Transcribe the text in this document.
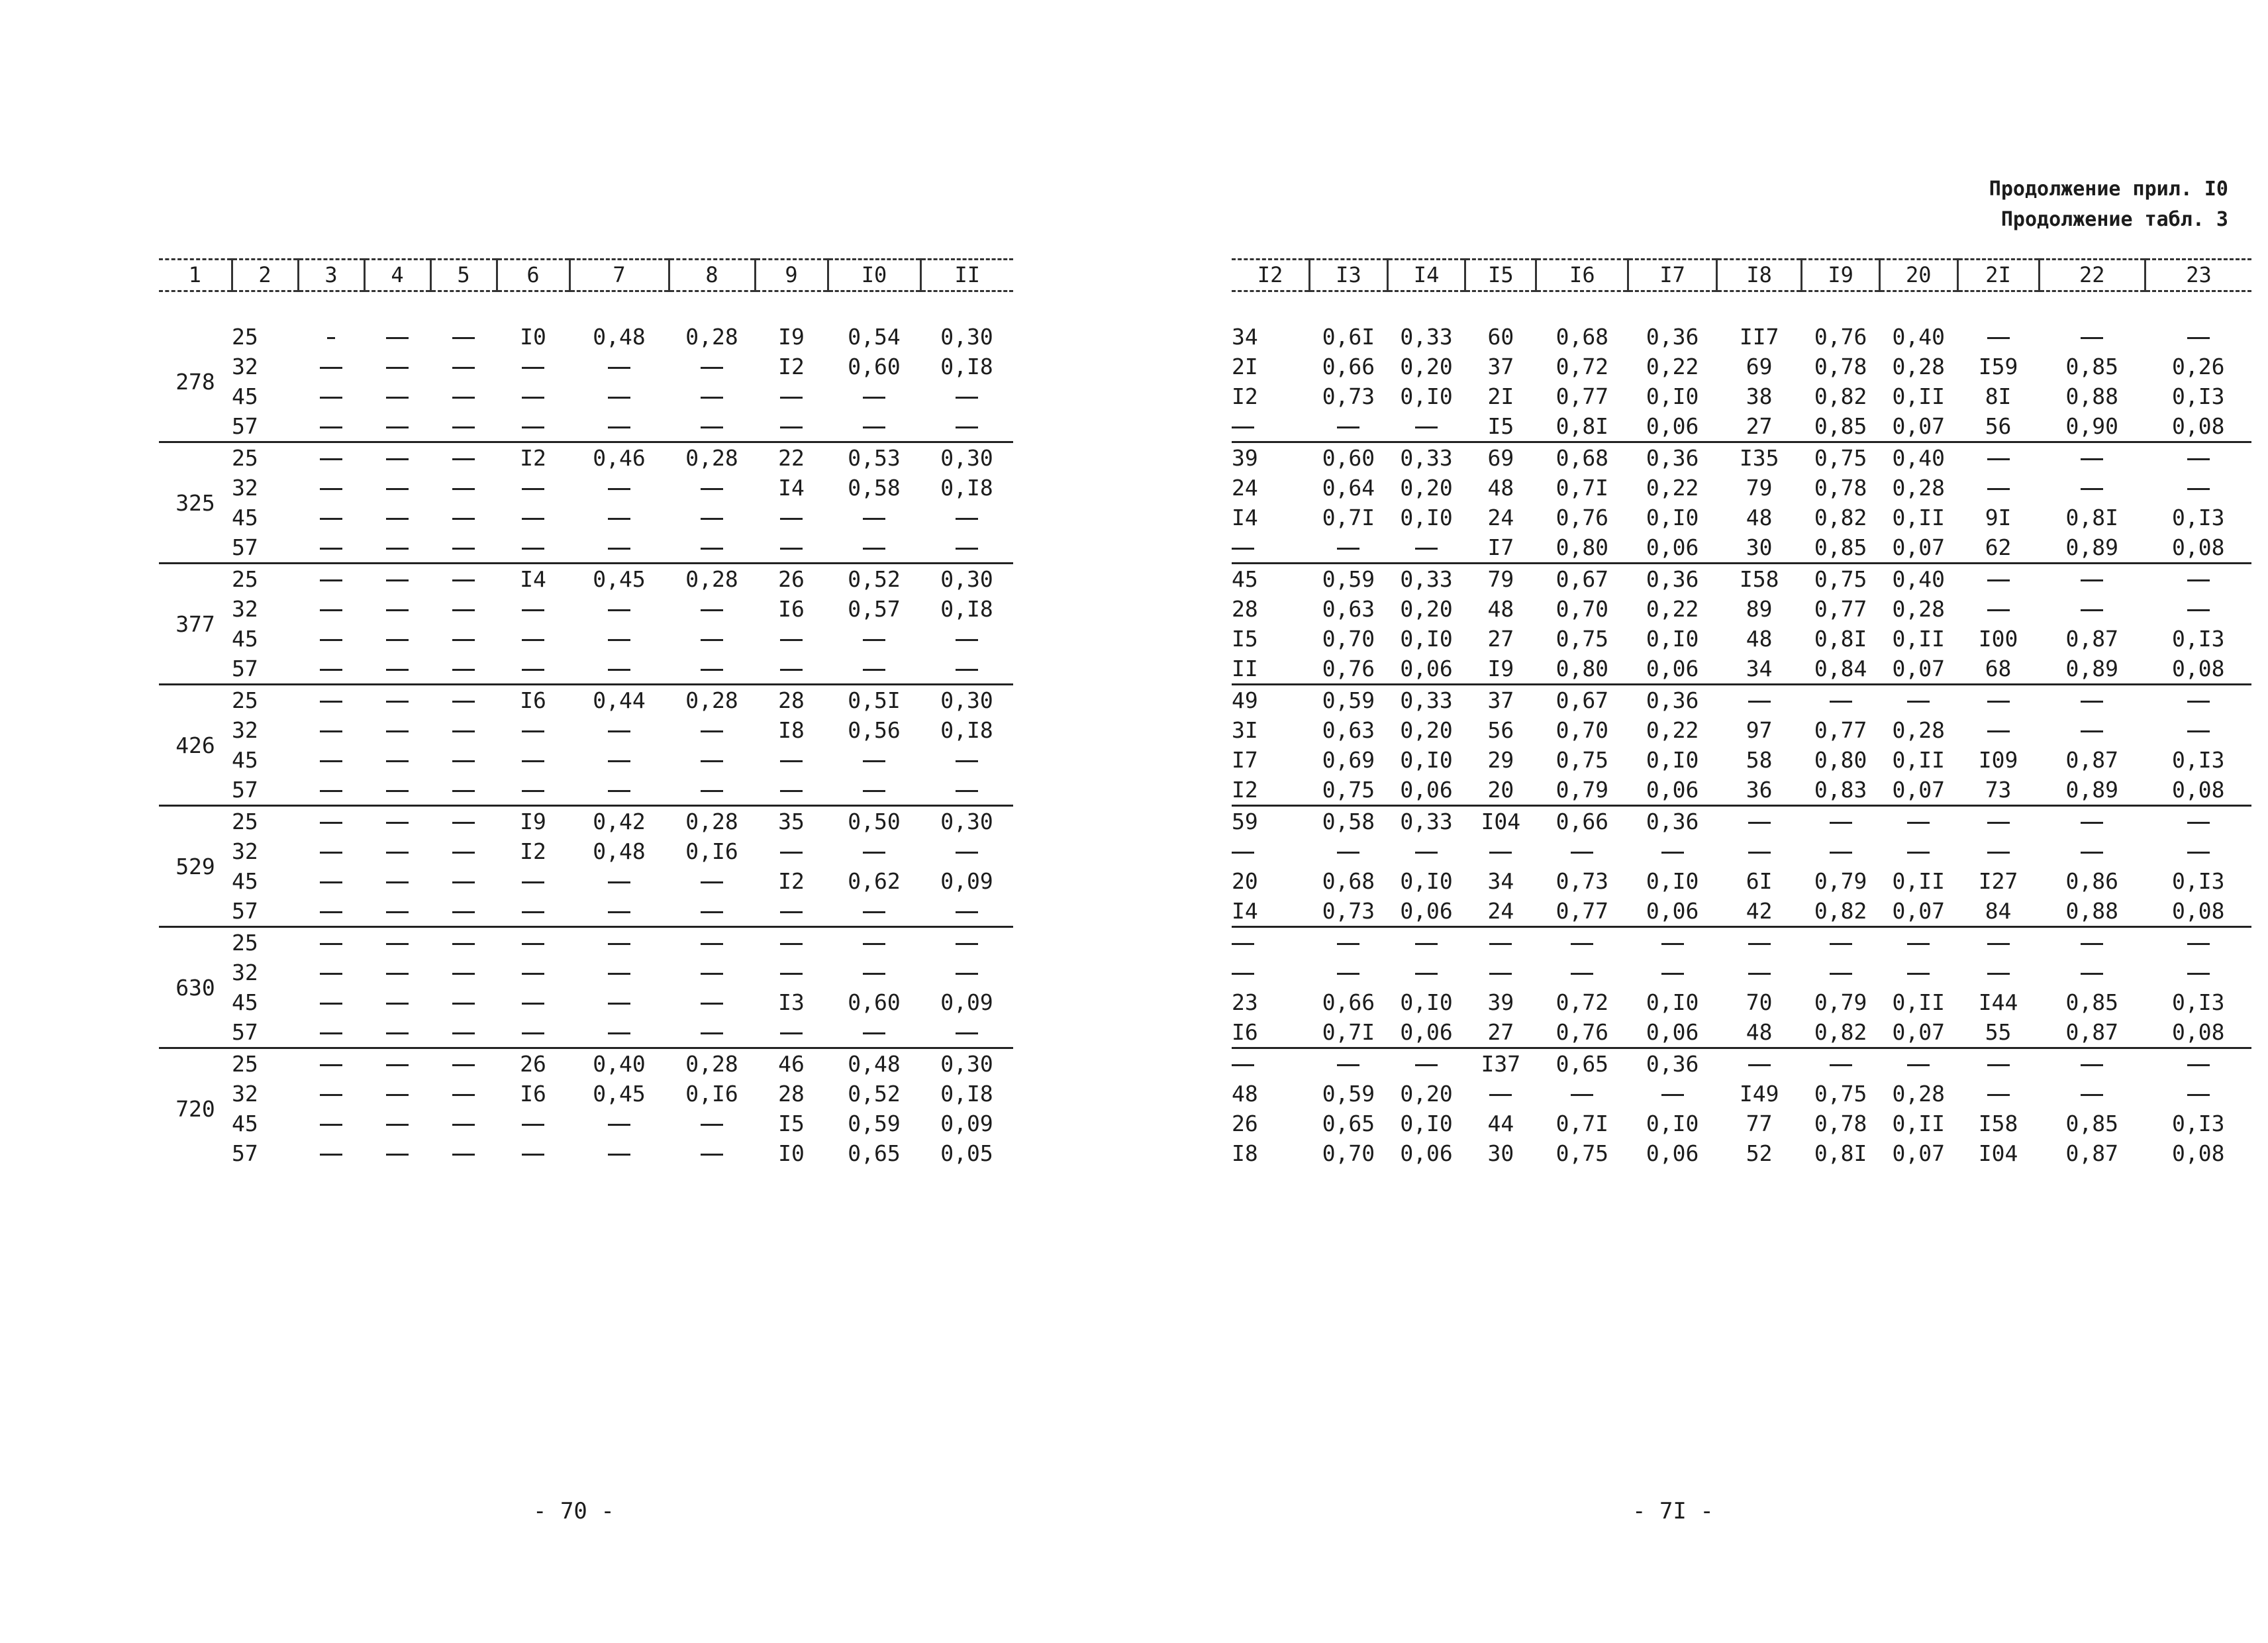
1	2	3	4	5	6	7	8	9	I0	II

278	25				I0	0,48	0,28	I9	0,54	0,30
	32							I2	0,60	0,I8
	45									
	57									
325	25				I2	0,46	0,28	22	0,53	0,30
	32							I4	0,58	0,I8
	45									
	57									
377	25				I4	0,45	0,28	26	0,52	0,30
	32							I6	0,57	0,I8
	45									
	57									
426	25				I6	0,44	0,28	28	0,5I	0,30
	32							I8	0,56	0,I8
	45									
	57									
529	25				I9	0,42	0,28	35	0,50	0,30
	32				I2	0,48	0,I6			
	45							I2	0,62	0,09
	57									
630	25									
	32									
	45							I3	0,60	0,09
	57									
720	25				26	0,40	0,28	46	0,48	0,30
	32				I6	0,45	0,I6	28	0,52	0,I8
	45							I5	0,59	0,09
	57							I0	0,65	0,05
- 70 -
Продолжение прил. I0
Продолжение табл. 3
I2	I3	I4	I5	I6	I7	I8	I9	20	2I	22	23

34	0,6I	0,33	60	0,68	0,36	II7	0,76	0,40			
2I	0,66	0,20	37	0,72	0,22	69	0,78	0,28	I59	0,85	0,26
I2	0,73	0,I0	2I	0,77	0,I0	38	0,82	0,II	8I	0,88	0,I3
			I5	0,8I	0,06	27	0,85	0,07	56	0,90	0,08
39	0,60	0,33	69	0,68	0,36	I35	0,75	0,40			
24	0,64	0,20	48	0,7I	0,22	79	0,78	0,28			
I4	0,7I	0,I0	24	0,76	0,I0	48	0,82	0,II	9I	0,8I	0,I3
			I7	0,80	0,06	30	0,85	0,07	62	0,89	0,08
45	0,59	0,33	79	0,67	0,36	I58	0,75	0,40			
28	0,63	0,20	48	0,70	0,22	89	0,77	0,28			
I5	0,70	0,I0	27	0,75	0,I0	48	0,8I	0,II	I00	0,87	0,I3
II	0,76	0,06	I9	0,80	0,06	34	0,84	0,07	68	0,89	0,08
49	0,59	0,33	37	0,67	0,36						
3I	0,63	0,20	56	0,70	0,22	97	0,77	0,28			
I7	0,69	0,I0	29	0,75	0,I0	58	0,80	0,II	I09	0,87	0,I3
I2	0,75	0,06	20	0,79	0,06	36	0,83	0,07	73	0,89	0,08
59	0,58	0,33	I04	0,66	0,36						

20	0,68	0,I0	34	0,73	0,I0	6I	0,79	0,II	I27	0,86	0,I3
I4	0,73	0,06	24	0,77	0,06	42	0,82	0,07	84	0,88	0,08

23	0,66	0,I0	39	0,72	0,I0	70	0,79	0,II	I44	0,85	0,I3
I6	0,7I	0,06	27	0,76	0,06	48	0,82	0,07	55	0,87	0,08
			I37	0,65	0,36						
48	0,59	0,20				I49	0,75	0,28			
26	0,65	0,I0	44	0,7I	0,I0	77	0,78	0,II	I58	0,85	0,I3
I8	0,70	0,06	30	0,75	0,06	52	0,8I	0,07	I04	0,87	0,08
- 7I -
